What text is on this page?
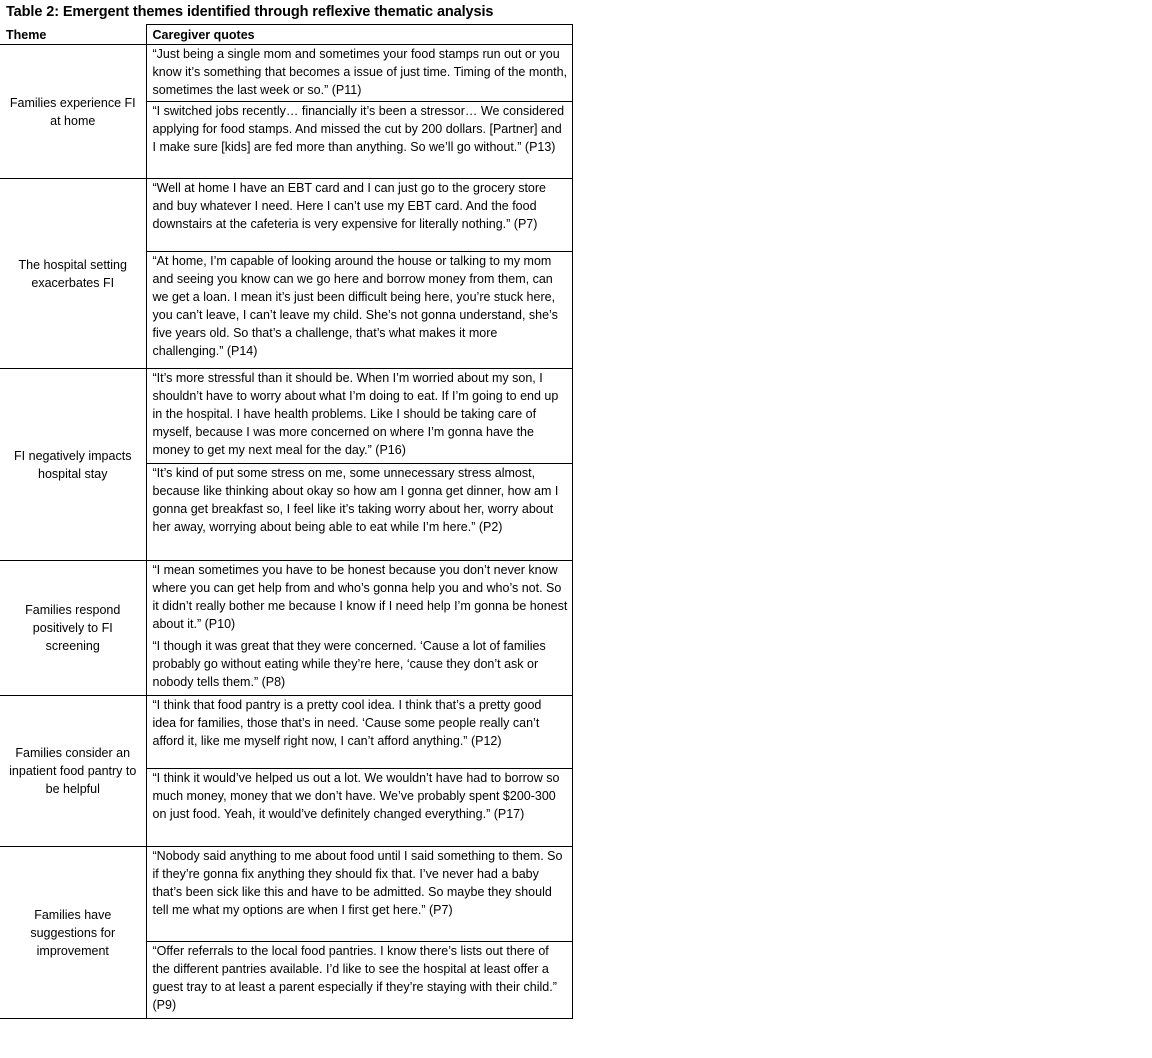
Table 2: Emergent themes identified through reflexive thematic analysis
Theme	Caregiver quotes
Families experience FI at home	“Just being a single mom and sometimes your food stamps run out or you know it’s something that becomes a issue of just time. Timing of the month, sometimes the last week or so.” (P11)
	“I switched jobs recently… financially it’s been a stressor… We considered applying for food stamps. And missed the cut by 200 dollars. [Partner] and I make sure [kids] are fed more than anything. So we’ll go without.” (P13)
The hospital setting exacerbates FI	“Well at home I have an EBT card and I can just go to the grocery store and buy whatever I need. Here I can’t use my EBT card. And the food downstairs at the cafeteria is very expensive for literally nothing.” (P7)
	“At home, I’m capable of looking around the house or talking to my mom and seeing you know can we go here and borrow money from them, can we get a loan. I mean it’s just been difficult being here, you’re stuck here, you can’t leave, I can’t leave my child. She’s not gonna understand, she’s five years old. So that’s a challenge, that’s what makes it more challenging.” (P14)
FI negatively impacts hospital stay	“It’s more stressful than it should be. When I’m worried about my son, I shouldn’t have to worry about what I’m doing to eat. If I’m going to end up in the hospital. I have health problems. Like I should be taking care of myself, because I was more concerned on where I’m gonna have the money to get my next meal for the day.” (P16)
	“It’s kind of put some stress on me, some unnecessary stress almost, because like thinking about okay so how am I gonna get dinner, how am I gonna get breakfast so, I feel like it’s taking worry about her, worry about her away, worrying about being able to eat while I’m here.” (P2)
Families respond positively to FI screening	“I mean sometimes you have to be honest because you don’t never know where you can get help from and who’s gonna help you and who’s not. So it didn’t really bother me because I know if I need help I’m gonna be honest about it.” (P10)
	“I though it was great that they were concerned. ‘Cause a lot of families probably go without eating while they’re here, ‘cause they don’t ask or nobody tells them.” (P8)
Families consider an inpatient food pantry to be helpful	“I think that food pantry is a pretty cool idea. I think that’s a pretty good idea for families, those that’s in need. ‘Cause some people really can’t afford it, like me myself right now, I can’t afford anything.” (P12)
	“I think it would’ve helped us out a lot. We wouldn’t have had to borrow so much money, money that we don’t have. We’ve probably spent $200-300 on just food. Yeah, it would’ve definitely changed everything.” (P17)
Families have suggestions for improvement	“Nobody said anything to me about food until I said something to them. So if they’re gonna fix anything they should fix that. I’ve never had a baby that’s been sick like this and have to be admitted. So maybe they should tell me what my options are when I first get here.” (P7)
	“Offer referrals to the local food pantries. I know there’s lists out there of the different pantries available. I’d like to see the hospital at least offer a guest tray to at least a parent especially if they’re staying with their child.” (P9)
